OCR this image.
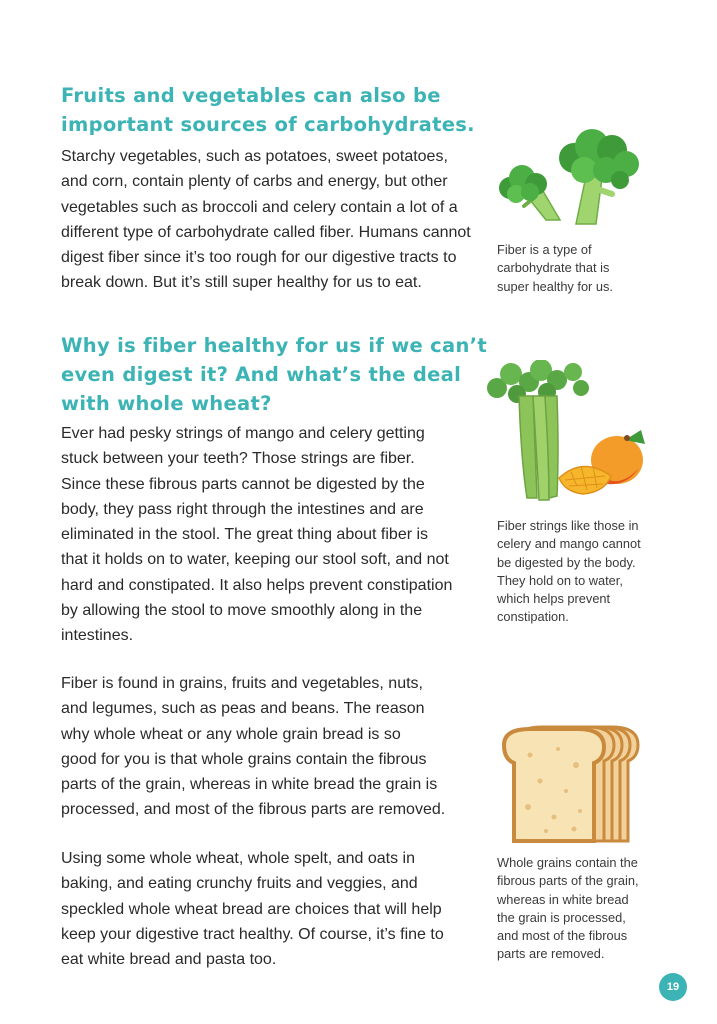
Fruits and vegetables can also be
important sources of carbohydrates.
Starchy vegetables, such as potatoes, sweet potatoes,
and corn, contain plenty of carbs and energy, but other
vegetables such as broccoli and celery contain a lot of a
different type of carbohydrate called fiber. Humans cannot
digest fiber since it’s too rough for our digestive tracts to
break down. But it’s still super healthy for us to eat.
Why is fiber healthy for us if we can’t
even digest it? And what’s the deal
with whole wheat?
Ever had pesky strings of mango and celery getting
stuck between your teeth? Those strings are fiber.
Since these fibrous parts cannot be digested by the
body, they pass right through the intestines and are
eliminated in the stool. The great thing about fiber is
that it holds on to water, keeping our stool soft, and not
hard and constipated. It also helps prevent constipation
by allowing the stool to move smoothly along in the
intestines.
Fiber is found in grains, fruits and vegetables, nuts,
and legumes, such as peas and beans. The reason
why whole wheat or any whole grain bread is so
good for you is that whole grains contain the fibrous
parts of the grain, whereas in white bread the grain is
processed, and most of the fibrous parts are removed.
Using some whole wheat, whole spelt, and oats in
baking, and eating crunchy fruits and veggies, and
speckled whole wheat bread are choices that will help
keep your digestive tract healthy. Of course, it’s fine to
eat white bread and pasta too.
Fiber is a type of
carbohydrate that is
super healthy for us.
Fiber strings like those in
celery and mango cannot
be digested by the body.
They hold on to water,
which helps prevent
constipation.
Whole grains contain the
fibrous parts of the grain,
whereas in white bread
the grain is processed,
and most of the fibrous
parts are removed.
19
